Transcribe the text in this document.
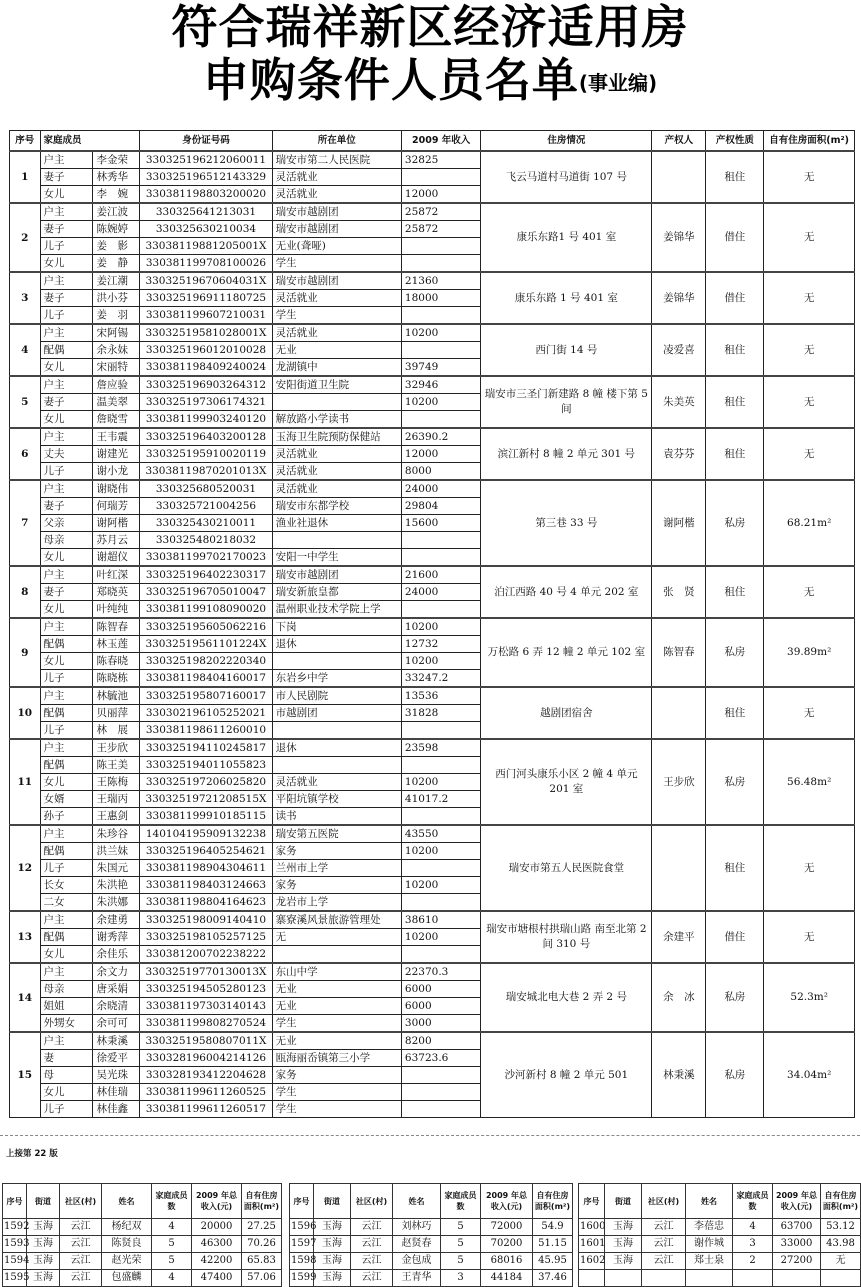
符合瑞祥新区经济适用房
申购条件人员名单$^{(事业编)}$
序号	家庭成员		身份证号码	所在单位	2009 年收入	住房情况	产权人	产权性质	自有住房面积(m²)
1	户主	李金荣	330325196212060011	瑞安市第二人民医院	32825	飞云马道村马道街 107 号		租住	无
	妻子	林秀华	330325196512143329	灵活就业					
	女儿	李　婉	330381198803200020	灵活就业	12000				
2	户主	姜江波	330325641213031	瑞安市越剧团	25872	康乐东路1 号 401 室	姜锦华	借住	无
	妻子	陈婉婷	330325630210034	瑞安市越剧团	25872				
	儿子	姜　影	33038119881205001X	无业(聋哑)					
	女儿	姜　静	330381199708100026	学生					
3	户主	姜江潮	33032519670604031X	瑞安市越剧团	21360	康乐东路 1 号 401 室	姜锦华	借住	无
	妻子	洪小芬	330325196911180725	灵活就业	18000				
	儿子	姜　羽	330381199607210031	学生					
4	户主	宋阿锡	33032519581028001X	灵活就业	10200	西门街 14 号	凌爱喜	租住	无
	配偶	余永妹	330325196012010028	无业					
	女儿	宋丽特	330381198409240024	龙湖镇中	39749				
5	户主	詹应验	330325196903264312	安阳街道卫生院	32946	瑞安市三圣门新建路 8 幢 楼下第 5 间	朱美英	租住	无
	妻子	温美翠	330325197306174321		10200				
	女儿	詹晓雪	330381199903240120	解放路小学读书					
6	户主	王韦震	330325196403200128	玉海卫生院预防保健站	26390.2	滨江新村 8 幢 2 单元 301 号	袁芬芬	租住	无
	丈夫	谢建光	330325195910020119	灵活就业	12000				
	儿子	谢小龙	33038119870201013X	灵活就业	8000				
7	户主	谢晓伟	330325680520031	灵活就业	24000	第三巷 33 号	谢阿楷	私房	68.21m²
	妻子	何瑞芳	330325721004256	瑞安市东都学校	29804				
	父亲	谢阿楷	330325430210011	渔业社退休	15600				
	母亲	苏月云	330325480218032						
	女儿	谢超仪	330381199702170023	安阳一中学生					
8	户主	叶红深	330325196402230317	瑞安市越剧团	21600	泊江西路 40 号 4 单元 202 室	张　贤	租住	无
	妻子	郑晓英	330325196705010047	瑞安新旅皇都	24000				
	女儿	叶纯纯	330381199108090020	温州职业技术学院上学					
9	户主	陈智春	330325195605062216	下岗	10200	万松路 6 弄 12 幢 2 单元 102 室	陈智春	私房	39.89m²
	配偶	林玉莲	33032519561101224X	退休	12732				
	女儿	陈春晓	330325198202220340		10200				
	儿子	陈晓栋	330381198404160017	东岩乡中学	33247.2				
10	户主	林毓池	330325195807160017	市人民剧院	13536	越剧团宿舍		租住	无
	配偶	贝丽萍	330302196105252021	市越剧团	31828				
	儿子	林　展	330381198611260010						
11	户主	王步欣	330325194110245817	退休	23598	西门河头康乐小区 2 幢 4 单元 201 室	王步欣	私房	56.48m²
	配偶	陈王美	330325194011055823						
	女儿	王陈梅	330325197206025820	灵活就业	10200				
	女婿	王瑞丙	33032519721208515X	平阳坑镇学校	41017.2				
	孙子	王惠剑	330381199910185115	读书					
12	户主	朱珍谷	140104195909132238	瑞安第五医院	43550	瑞安市第五人民医院食堂		租住	无
	配偶	洪兰妹	330325196405254621	家务	10200				
	儿子	朱国元	330381198904304611	兰州市上学					
	长女	朱洪艳	330381198403124663	家务	10200				
	二女	朱洪娜	330381198804164623	龙岩市上学					
13	户主	余建勇	330325198009140410	寨寮溪风景旅游管理处	38610	瑞安市塘根村拱瑞山路 南至北第 2 间 310 号	余建平	借住	无
	配偶	谢秀萍	330325198105257125	无	10200				
	女儿	余佳乐	330381200702238222						
14	户主	余文力	33032519770130013X	东山中学	22370.3	瑞安城北电大巷 2 弄 2 号	余　冰	私房	52.3m²
	母亲	唐采娟	330325194505280123	无业	6000				
	姐姐	余晓清	330381197303140143	无业	6000				
	外甥女	余可可	330381199808270524	学生	3000				
15	户主	林秉溪	33032519580807011X	无业	8200	沙河新村 8 幢 2 单元 501	林秉溪	私房	34.04m²
	妻	徐爱平	330328196004214126	瓯海丽岙镇第三小学	63723.6				
	母	吴光珠	330328193412204628	家务					
	女儿	林佳瑞	330381199611260525	学生					
	儿子	林佳鑫	330381199611260517	学生					
上接第 22 版
序号	街道	社区(村)	姓名	家庭成员数	2009 年总收入(元)	自有住房面积(m²)
1592	玉海	云江	杨纪双	4	20000	27.25
1593	玉海	云江	陈贤良	5	46300	70.26
1594	玉海	云江	赵光荣	5	42200	65.83
1595	玉海	云江	包盛麟	4	47400	57.06
序号	街道	社区(村)	姓名	家庭成员数	2009 年总收入(元)	自有住房面积(m²)
1596	玉海	云江	刘林巧	5	72000	54.9
1597	玉海	云江	赵贤春	5	70200	51.15
1598	玉海	云江	金包成	5	68016	45.95
1599	玉海	云江	王青华	3	44184	37.46
序号	街道	社区(村)	姓名	家庭成员数	2009 年总收入(元)	自有住房面积(m²)
1600	玉海	云江	李蓓忠	4	63700	53.12
1601	玉海	云江	谢作城	3	33000	43.98
1602	玉海	云江	郑士泉	2	27200	无
